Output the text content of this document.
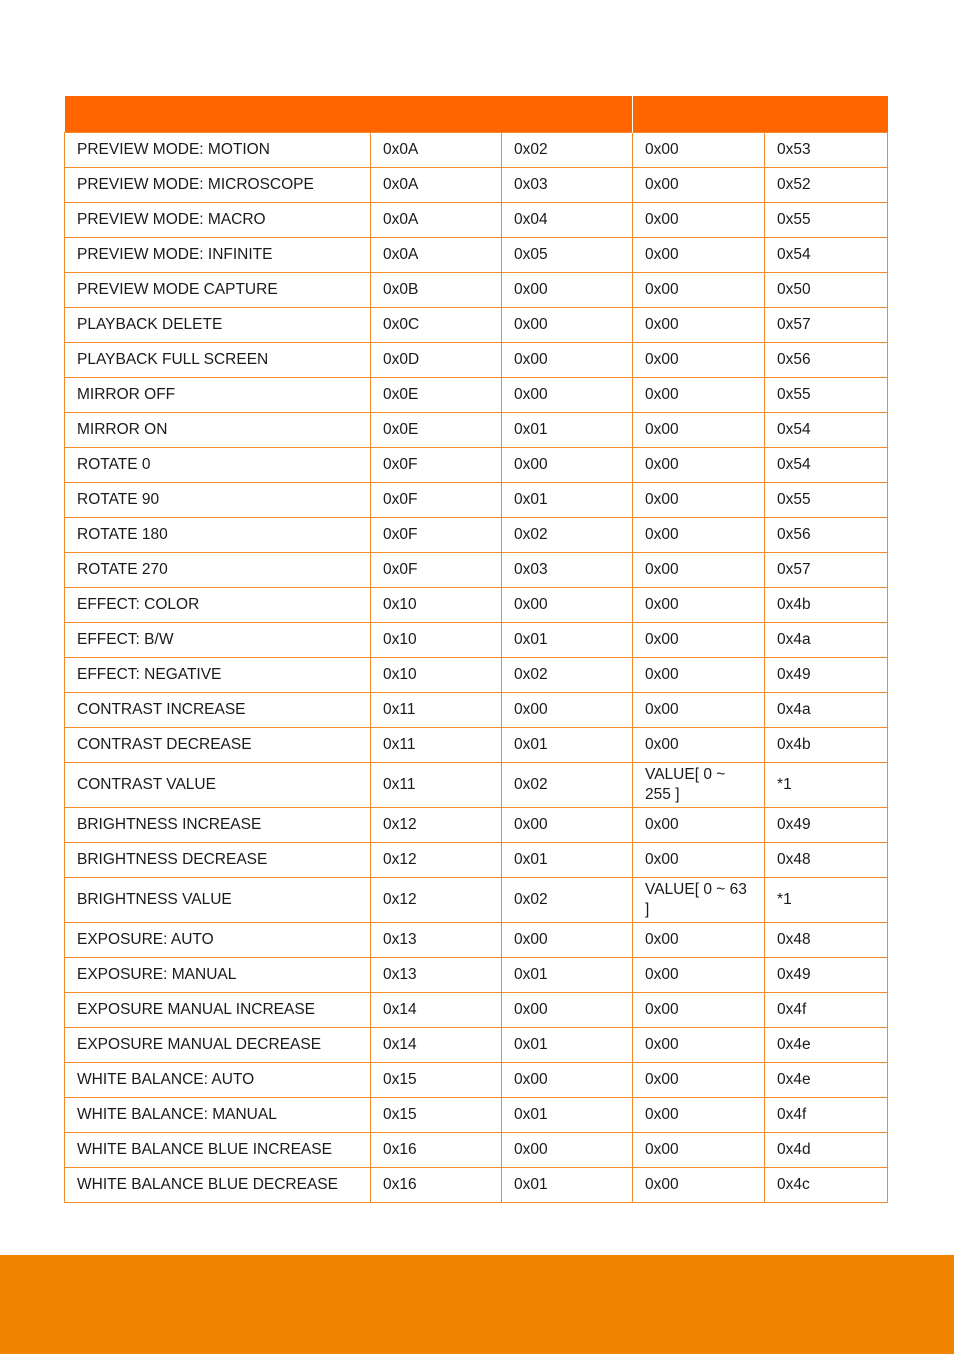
PREVIEW MODE: MOTION	0x0A	0x02	0x00	0x53
PREVIEW MODE: MICROSCOPE	0x0A	0x03	0x00	0x52
PREVIEW MODE: MACRO	0x0A	0x04	0x00	0x55
PREVIEW MODE: INFINITE	0x0A	0x05	0x00	0x54
PREVIEW MODE CAPTURE	0x0B	0x00	0x00	0x50
PLAYBACK DELETE	0x0C	0x00	0x00	0x57
PLAYBACK FULL SCREEN	0x0D	0x00	0x00	0x56
MIRROR OFF	0x0E	0x00	0x00	0x55
MIRROR ON	0x0E	0x01	0x00	0x54
ROTATE 0	0x0F	0x00	0x00	0x54
ROTATE 90	0x0F	0x01	0x00	0x55
ROTATE 180	0x0F	0x02	0x00	0x56
ROTATE 270	0x0F	0x03	0x00	0x57
EFFECT: COLOR	0x10	0x00	0x00	0x4b
EFFECT: B/W	0x10	0x01	0x00	0x4a
EFFECT: NEGATIVE	0x10	0x02	0x00	0x49
CONTRAST INCREASE	0x11	0x00	0x00	0x4a
CONTRAST DECREASE	0x11	0x01	0x00	0x4b
CONTRAST VALUE	0x11	0x02	VALUE[ 0 ~ 255 ]	*1
BRIGHTNESS INCREASE	0x12	0x00	0x00	0x49
BRIGHTNESS DECREASE	0x12	0x01	0x00	0x48
BRIGHTNESS VALUE	0x12	0x02	VALUE[ 0 ~ 63 ]	*1
EXPOSURE: AUTO	0x13	0x00	0x00	0x48
EXPOSURE: MANUAL	0x13	0x01	0x00	0x49
EXPOSURE MANUAL INCREASE	0x14	0x00	0x00	0x4f
EXPOSURE MANUAL DECREASE	0x14	0x01	0x00	0x4e
WHITE BALANCE: AUTO	0x15	0x00	0x00	0x4e
WHITE BALANCE: MANUAL	0x15	0x01	0x00	0x4f
WHITE BALANCE BLUE INCREASE	0x16	0x00	0x00	0x4d
WHITE BALANCE BLUE DECREASE	0x16	0x01	0x00	0x4c
